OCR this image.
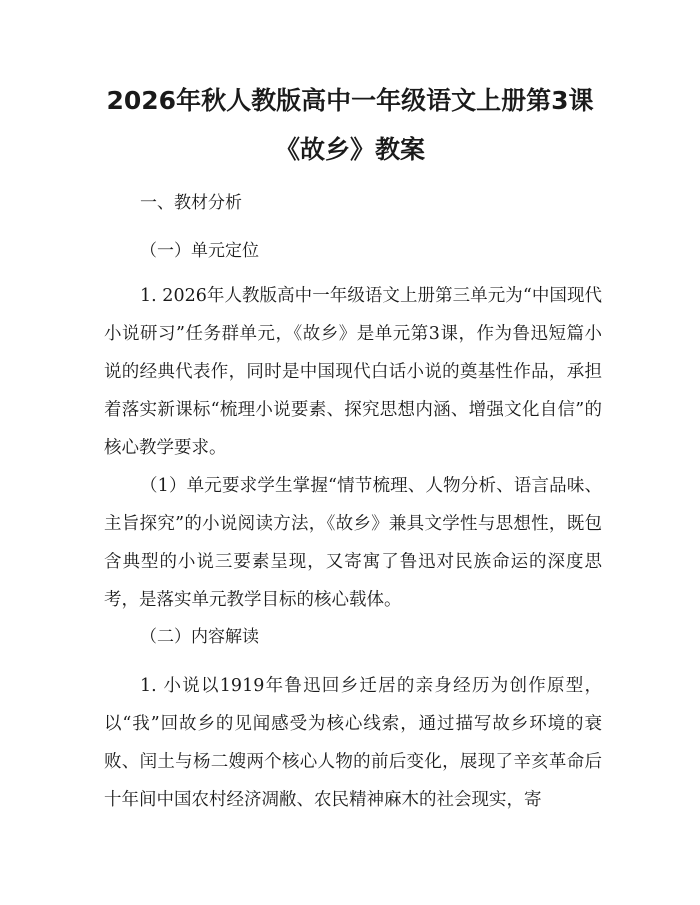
2026年秋人教版高中一年级语文上册第3课
《故乡》教案
一、教材分析
（一）单元定位

1. 2026年人教版高中一年级语文上册第三单元为“中国现代小说研习”任务群单元，《故乡》是单元第3课，作为鲁迅短篇小说的经典代表作，同时是中国现代白话小说的奠基性作品，承担着落实新课标“梳理小说要素、探究思想内涵、增强文化自信”的核心教学要求。

（1）单元要求学生掌握“情节梳理、人物分析、语言品味、主旨探究”的小说阅读方法，《故乡》兼具文学性与思想性，既包含典型的小说三要素呈现，又寄寓了鲁迅对民族命运的深度思考，是落实单元教学目标的核心载体。

（二）内容解读

1. 小说以1919年鲁迅回乡迁居的亲身经历为创作原型，以“我”回故乡的见闻感受为核心线索，通过描写故乡环境的衰败、闰土与杨二嫂两个核心人物的前后变化，展现了辛亥革命后十年间中国农村经济凋敝、农民精神麻木的社会现实，寄
